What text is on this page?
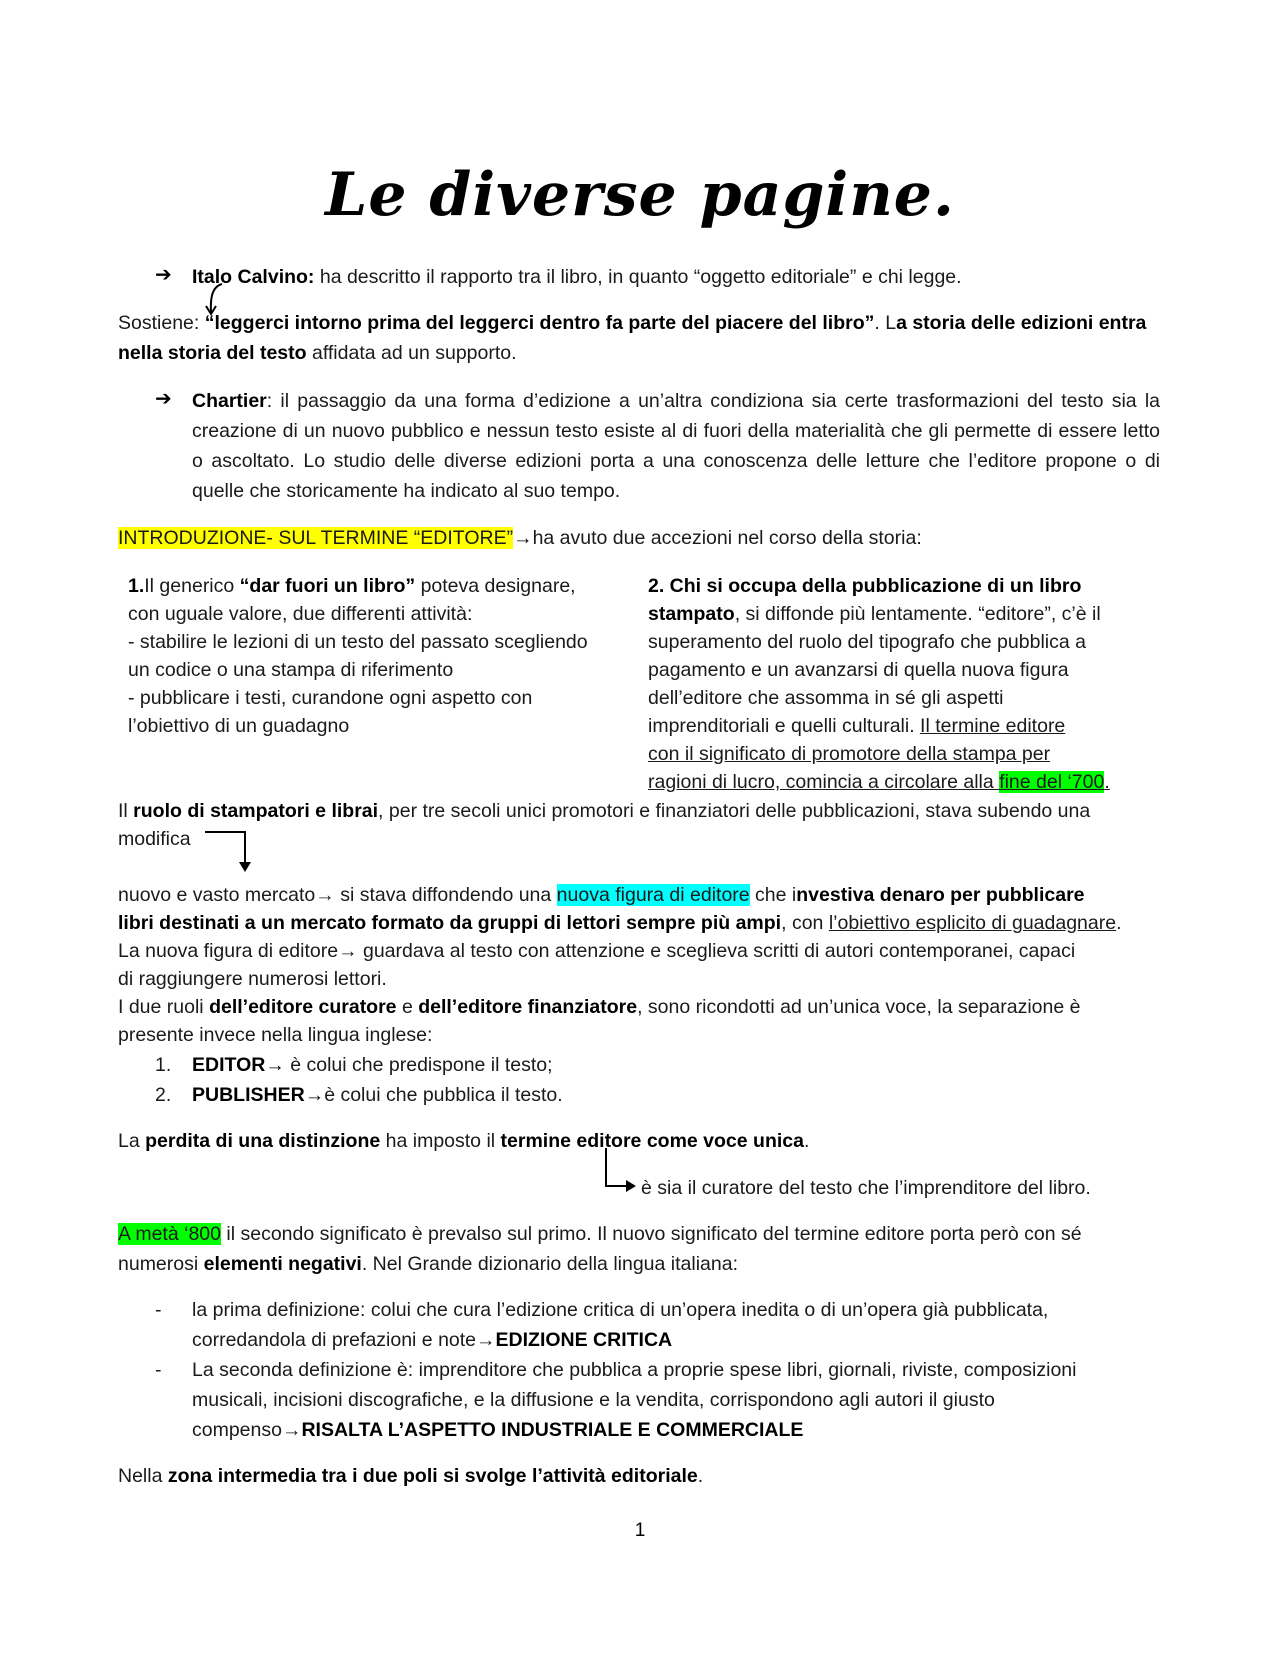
Le diverse pagine.
➔ Italo Calvino: ha descritto il rapporto tra il libro, in quanto “oggetto editoriale” e chi legge.
Sostiene: “leggerci intorno prima del leggerci dentro fa parte del piacere del libro”. La storia delle edizioni entra
nella storia del testo affidata ad un supporto.
➔ Chartier: il passaggio da una forma d’edizione a un’altra condiziona sia certe trasformazioni del testo sia la creazione di un nuovo pubblico e nessun testo esiste al di fuori della materialità che gli permette di essere letto o ascoltato. Lo studio delle diverse edizioni porta a una conoscenza delle letture che l’editore propone o di quelle che storicamente ha indicato al suo tempo.
INTRODUZIONE- SUL TERMINE “EDITORE”→ha avuto due accezioni nel corso della storia:
1.Il generico “dar fuori un libro” poteva designare,
con uguale valore, due differenti attività:
- stabilire le lezioni di un testo del passato scegliendo
un codice o una stampa di riferimento
- pubblicare i testi, curandone ogni aspetto con
l’obiettivo di un guadagno
2. Chi si occupa della pubblicazione di un libro
stampato, si diffonde più lentamente. “editore”, c’è il
superamento del ruolo del tipografo che pubblica a
pagamento e un avanzarsi di quella nuova figura
dell’editore che assomma in sé gli aspetti
imprenditoriali e quelli culturali. Il termine editore
con il significato di promotore della stampa per
ragioni di lucro, comincia a circolare alla fine del ‘700.
Il ruolo di stampatori e librai, per tre secoli unici promotori e finanziatori delle pubblicazioni, stava subendo una
modifica
nuovo e vasto mercato→ si stava diffondendo una nuova figura di editore che investiva denaro per pubblicare
libri destinati a un mercato formato da gruppi di lettori sempre più ampi, con l’obiettivo esplicito di guadagnare.
La nuova figura di editore→ guardava al testo con attenzione e sceglieva scritti di autori contemporanei, capaci
di raggiungere numerosi lettori.
I due ruoli dell’editore curatore e dell’editore finanziatore, sono ricondotti ad un’unica voce, la separazione è
presente invece nella lingua inglese:
1. EDITOR→ è colui che predispone il testo;
2. PUBLISHER→è colui che pubblica il testo.
La perdita di una distinzione ha imposto il termine editore come voce unica.
è sia il curatore del testo che l’imprenditore del libro.
A metà ‘800 il secondo significato è prevalso sul primo. Il nuovo significato del termine editore porta però con sé
numerosi elementi negativi. Nel Grande dizionario della lingua italiana:
- la prima definizione: colui che cura l’edizione critica di un’opera inedita o di un’opera già pubblicata,
corredandola di prefazioni e note→EDIZIONE CRITICA
- La seconda definizione è: imprenditore che pubblica a proprie spese libri, giornali, riviste, composizioni
musicali, incisioni discografiche, e la diffusione e la vendita, corrispondono agli autori il giusto
compenso→RISALTA L’ASPETTO INDUSTRIALE E COMMERCIALE
Nella zona intermedia tra i due poli si svolge l’attività editoriale.
1
